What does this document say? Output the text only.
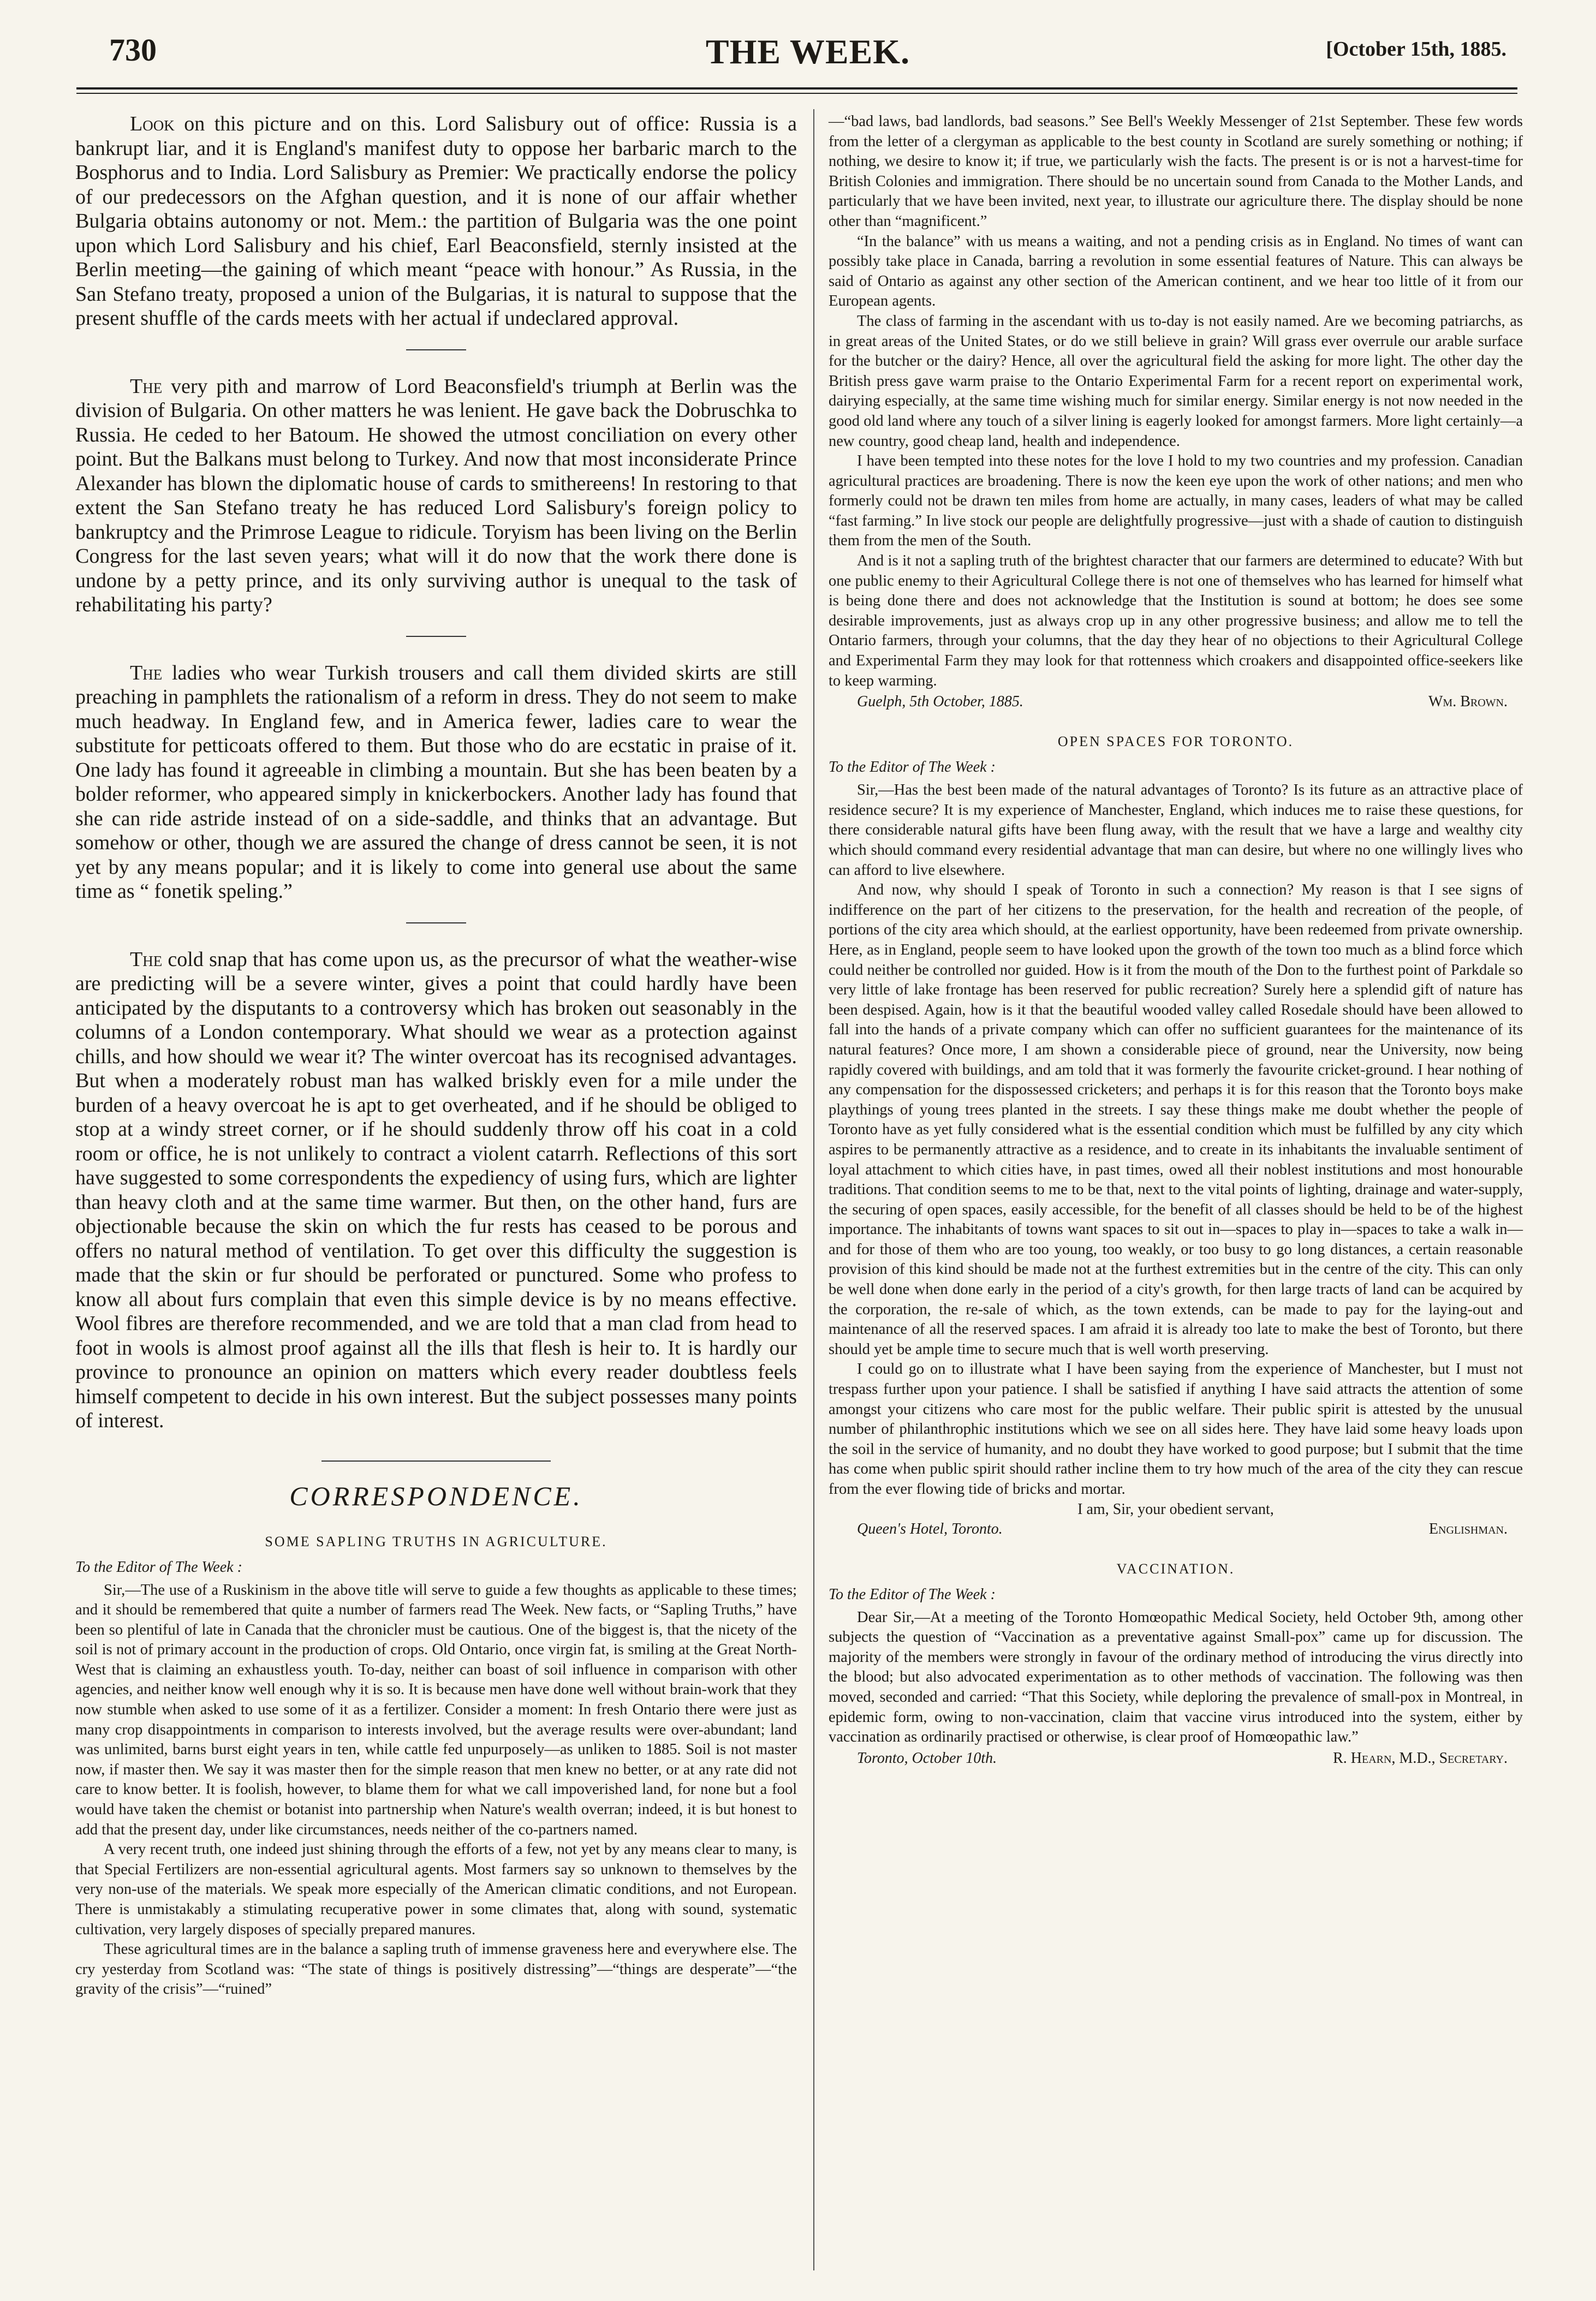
730	THE WEEK.	[October 15th, 1885.

Look on this picture and on this. Lord Salisbury out of office: Russia is a bankrupt liar, and it is England's manifest duty to oppose her barbaric march to the Bosphorus and to India. Lord Salisbury as Premier: We practically endorse the policy of our predecessors on the Afghan question, and it is none of our affair whether Bulgaria obtains autonomy or not. Mem.: the partition of Bulgaria was the one point upon which Lord Salisbury and his chief, Earl Beaconsfield, sternly insisted at the Berlin meeting—the gaining of which meant “peace with honour.” As Russia, in the San Stefano treaty, proposed a union of the Bulgarias, it is natural to suppose that the present shuffle of the cards meets with her actual if undeclared approval.

The very pith and marrow of Lord Beaconsfield's triumph at Berlin was the division of Bulgaria. On other matters he was lenient. He gave back the Dobruschka to Russia. He ceded to her Batoum. He showed the utmost conciliation on every other point. But the Balkans must belong to Turkey. And now that most inconsiderate Prince Alexander has blown the diplomatic house of cards to smithereens! In restoring to that extent the San Stefano treaty he has reduced Lord Salisbury's foreign policy to bankruptcy and the Primrose League to ridicule. Toryism has been living on the Berlin Congress for the last seven years; what will it do now that the work there done is undone by a petty prince, and its only surviving author is unequal to the task of rehabilitating his party?

The ladies who wear Turkish trousers and call them divided skirts are still preaching in pamphlets the rationalism of a reform in dress. They do not seem to make much headway. In England few, and in America fewer, ladies care to wear the substitute for petticoats offered to them. But those who do are ecstatic in praise of it. One lady has found it agreeable in climbing a mountain. But she has been beaten by a bolder reformer, who appeared simply in knickerbockers. Another lady has found that she can ride astride instead of on a side-saddle, and thinks that an advantage. But somehow or other, though we are assured the change of dress cannot be seen, it is not yet by any means popular; and it is likely to come into general use about the same time as “ fonetik speling.”

The cold snap that has come upon us, as the precursor of what the weather-wise are predicting will be a severe winter, gives a point that could hardly have been anticipated by the disputants to a controversy which has broken out seasonably in the columns of a London contemporary. What should we wear as a protection against chills, and how should we wear it? The winter overcoat has its recognised advantages. But when a moderately robust man has walked briskly even for a mile under the burden of a heavy overcoat he is apt to get overheated, and if he should be obliged to stop at a windy street corner, or if he should suddenly throw off his coat in a cold room or office, he is not unlikely to contract a violent catarrh. Reflections of this sort have suggested to some correspondents the expediency of using furs, which are lighter than heavy cloth and at the same time warmer. But then, on the other hand, furs are objectionable because the skin on which the fur rests has ceased to be porous and offers no natural method of ventilation. To get over this difficulty the suggestion is made that the skin or fur should be perforated or punctured. Some who profess to know all about furs complain that even this simple device is by no means effective. Wool fibres are therefore recommended, and we are told that a man clad from head to foot in wools is almost proof against all the ills that flesh is heir to. It is hardly our province to pronounce an opinion on matters which every reader doubtless feels himself competent to decide in his own interest. But the subject possesses many points of interest.

CORRESPONDENCE.
SOME SAPLING TRUTHS IN AGRICULTURE.
To the Editor of The Week :

Sir,—The use of a Ruskinism in the above title will serve to guide a few thoughts as applicable to these times; and it should be remembered that quite a number of farmers read The Week. New facts, or “Sapling Truths,” have been so plentiful of late in Canada that the chronicler must be cautious. One of the biggest is, that the nicety of the soil is not of primary account in the production of crops. Old Ontario, once virgin fat, is smiling at the Great North-West that is claiming an exhaustless youth. To-day, neither can boast of soil influence in comparison with other agencies, and neither know well enough why it is so. It is because men have done well without brain-work that they now stumble when asked to use some of it as a fertilizer. Consider a moment: In fresh Ontario there were just as many crop disappointments in comparison to interests involved, but the average results were over-abundant; land was unlimited, barns burst eight years in ten, while cattle fed unpurposely—as unliken to 1885. Soil is not master now, if master then. We say it was master then for the simple reason that men knew no better, or at any rate did not care to know better. It is foolish, however, to blame them for what we call impoverished land, for none but a fool would have taken the chemist or botanist into partnership when Nature's wealth overran; indeed, it is but honest to add that the present day, under like circumstances, needs neither of the co-partners named.

A very recent truth, one indeed just shining through the efforts of a few, not yet by any means clear to many, is that Special Fertilizers are non-essential agricultural agents. Most farmers say so unknown to themselves by the very non-use of the materials. We speak more especially of the American climatic conditions, and not European. There is unmistakably a stimulating recuperative power in some climates that, along with sound, systematic cultivation, very largely disposes of specially prepared manures.

These agricultural times are in the balance a sapling truth of immense graveness here and everywhere else. The cry yesterday from Scotland was: “The state of things is positively distressing”—“things are desperate”—“the gravity of the crisis”—“ruined”

—“bad laws, bad landlords, bad seasons.” See Bell's Weekly Messenger of 21st September. These few words from the letter of a clergyman as applicable to the best county in Scotland are surely something or nothing; if nothing, we desire to know it; if true, we particularly wish the facts. The present is or is not a harvest-time for British Colonies and immigration. There should be no uncertain sound from Canada to the Mother Lands, and particularly that we have been invited, next year, to illustrate our agriculture there. The display should be none other than “magnificent.”

“In the balance” with us means a waiting, and not a pending crisis as in England. No times of want can possibly take place in Canada, barring a revolution in some essential features of Nature. This can always be said of Ontario as against any other section of the American continent, and we hear too little of it from our European agents.

The class of farming in the ascendant with us to-day is not easily named. Are we becoming patriarchs, as in great areas of the United States, or do we still believe in grain? Will grass ever overrule our arable surface for the butcher or the dairy? Hence, all over the agricultural field the asking for more light. The other day the British press gave warm praise to the Ontario Experimental Farm for a recent report on experimental work, dairying especially, at the same time wishing much for similar energy. Similar energy is not now needed in the good old land where any touch of a silver lining is eagerly looked for amongst farmers. More light certainly—a new country, good cheap land, health and independence.

I have been tempted into these notes for the love I hold to my two countries and my profession. Canadian agricultural practices are broadening. There is now the keen eye upon the work of other nations; and men who formerly could not be drawn ten miles from home are actually, in many cases, leaders of what may be called “fast farming.” In live stock our people are delightfully progressive—just with a shade of caution to distinguish them from the men of the South.

And is it not a sapling truth of the brightest character that our farmers are determined to educate? With but one public enemy to their Agricultural College there is not one of themselves who has learned for himself what is being done there and does not acknowledge that the Institution is sound at bottom; he does see some desirable improvements, just as always crop up in any other progressive business; and allow me to tell the Ontario farmers, through your columns, that the day they hear of no objections to their Agricultural College and Experimental Farm they may look for that rottenness which croakers and disappointed office-seekers like to keep warming.

Guelph, 5th October, 1885.	Wm. Brown.
OPEN SPACES FOR TORONTO.
To the Editor of The Week :

Sir,—Has the best been made of the natural advantages of Toronto? Is its future as an attractive place of residence secure? It is my experience of Manchester, England, which induces me to raise these questions, for there considerable natural gifts have been flung away, with the result that we have a large and wealthy city which should command every residential advantage that man can desire, but where no one willingly lives who can afford to live elsewhere.

And now, why should I speak of Toronto in such a connection? My reason is that I see signs of indifference on the part of her citizens to the preservation, for the health and recreation of the people, of portions of the city area which should, at the earliest opportunity, have been redeemed from private ownership. Here, as in England, people seem to have looked upon the growth of the town too much as a blind force which could neither be controlled nor guided. How is it from the mouth of the Don to the furthest point of Parkdale so very little of lake frontage has been reserved for public recreation? Surely here a splendid gift of nature has been despised. Again, how is it that the beautiful wooded valley called Rosedale should have been allowed to fall into the hands of a private company which can offer no sufficient guarantees for the maintenance of its natural features? Once more, I am shown a considerable piece of ground, near the University, now being rapidly covered with buildings, and am told that it was formerly the favourite cricket-ground. I hear nothing of any compensation for the dispossessed cricketers; and perhaps it is for this reason that the Toronto boys make playthings of young trees planted in the streets. I say these things make me doubt whether the people of Toronto have as yet fully considered what is the essential condition which must be fulfilled by any city which aspires to be permanently attractive as a residence, and to create in its inhabitants the invaluable sentiment of loyal attachment to which cities have, in past times, owed all their noblest institutions and most honourable traditions. That condition seems to me to be that, next to the vital points of lighting, drainage and water-supply, the securing of open spaces, easily accessible, for the benefit of all classes should be held to be of the highest importance. The inhabitants of towns want spaces to sit out in—spaces to play in—spaces to take a walk in—and for those of them who are too young, too weakly, or too busy to go long distances, a certain reasonable provision of this kind should be made not at the furthest extremities but in the centre of the city. This can only be well done when done early in the period of a city's growth, for then large tracts of land can be acquired by the corporation, the re-sale of which, as the town extends, can be made to pay for the laying-out and maintenance of all the reserved spaces. I am afraid it is already too late to make the best of Toronto, but there should yet be ample time to secure much that is well worth preserving.

I could go on to illustrate what I have been saying from the experience of Manchester, but I must not trespass further upon your patience. I shall be satisfied if anything I have said attracts the attention of some amongst your citizens who care most for the public welfare. Their public spirit is attested by the unusual number of philanthrophic institutions which we see on all sides here. They have laid some heavy loads upon the soil in the service of humanity, and no doubt they have worked to good purpose; but I submit that the time has come when public spirit should rather incline them to try how much of the area of the city they can rescue from the ever flowing tide of bricks and mortar.

I am, Sir, your obedient servant,
Queen's Hotel, Toronto.	Englishman.
VACCINATION.
To the Editor of The Week :

Dear Sir,—At a meeting of the Toronto Homœopathic Medical Society, held October 9th, among other subjects the question of “Vaccination as a preventative against Small-pox” came up for discussion. The majority of the members were strongly in favour of the ordinary method of introducing the virus directly into the blood; but also advocated experimentation as to other methods of vaccination. The following was then moved, seconded and carried: “That this Society, while deploring the prevalence of small-pox in Montreal, in epidemic form, owing to non-vaccination, claim that vaccine virus introduced into the system, either by vaccination as ordinarily practised or otherwise, is clear proof of Homœopathic law.”

Toronto, October 10th.	R. Hearn, M.D., Secretary.
